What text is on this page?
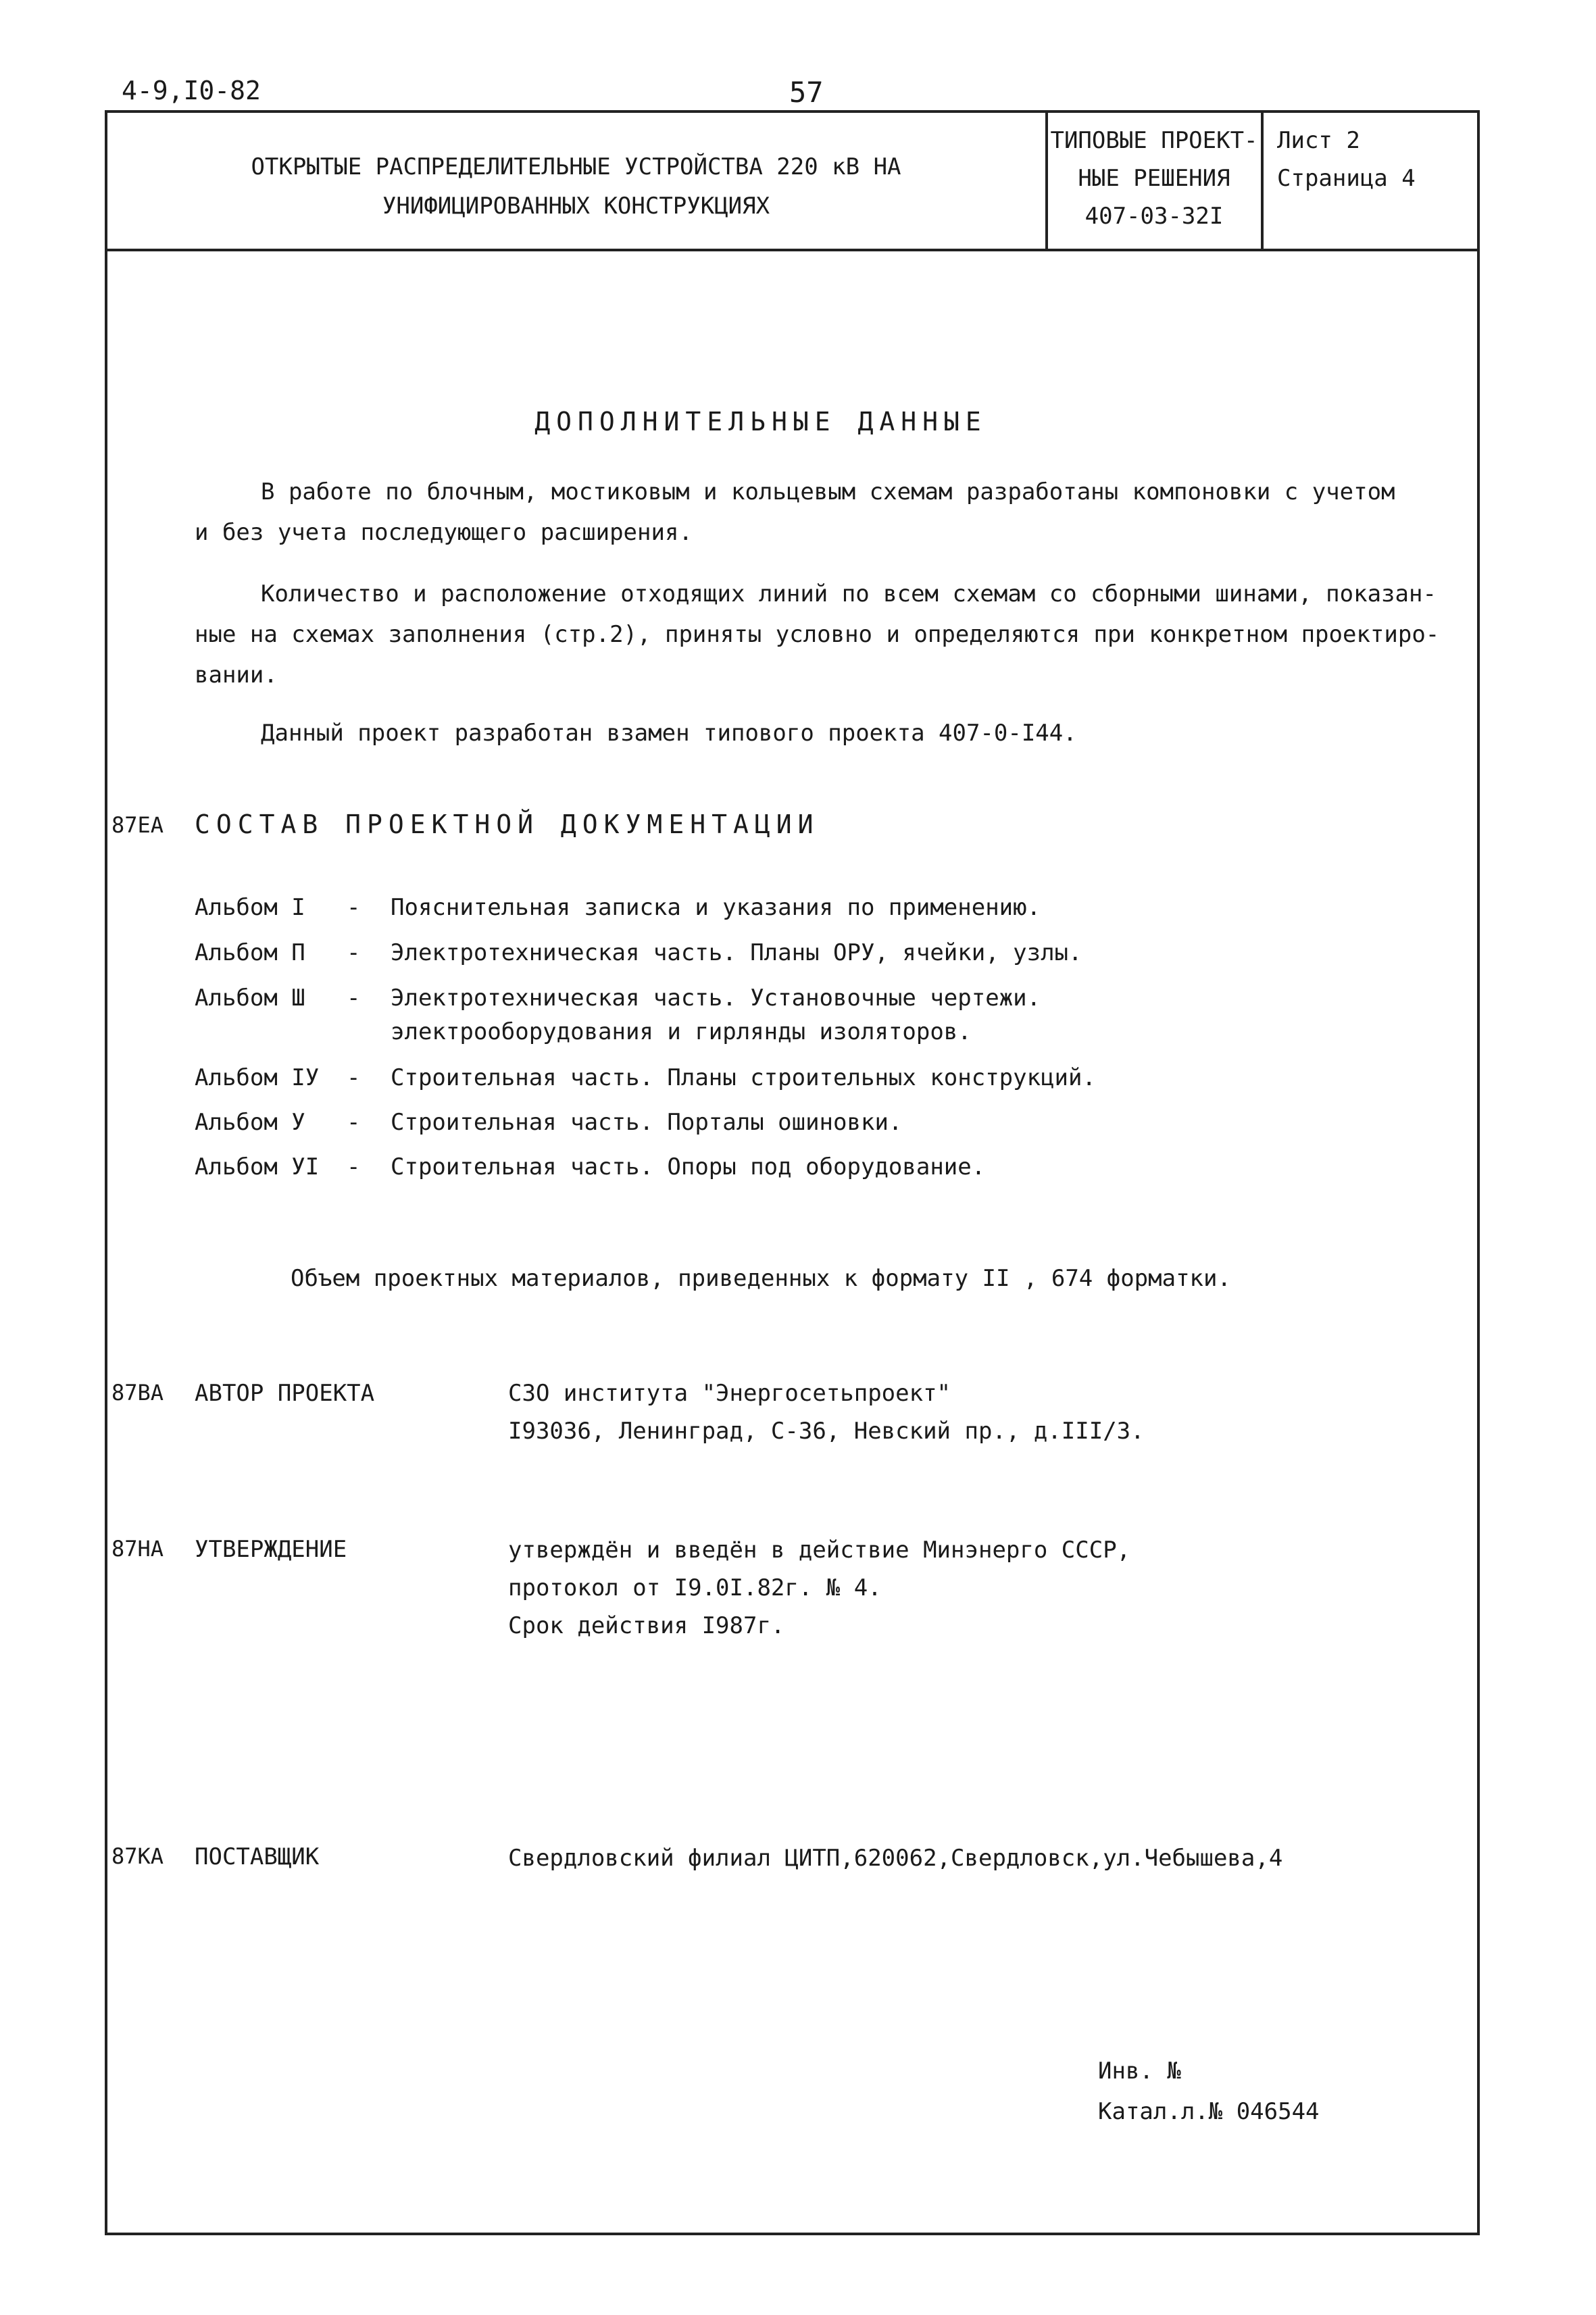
4-9,I0-82	57
ОТКРЫТЫЕ РАСПРЕДЕЛИТЕЛЬНЫЕ УСТРОЙСТВА 220 кВ НА
УНИФИЦИРОВАННЫХ КОНСТРУКЦИЯХ
ТИПОВЫЕ ПРОЕКТ-
НЫЕ РЕШЕНИЯ
407-03-32I
Лист 2
Страница 4
ДОПОЛНИТЕЛЬНЫЕ ДАННЫЕ
В работе по блочным, мостиковым и кольцевым схемам разработаны компоновки с учетом
и без учета последующего расширения.
Количество и расположение отходящих линий по всем схемам со сборными шинами, показан-
ные на схемах заполнения (стр.2), приняты условно и определяются при конкретном проектиро-
вании.
Данный проект разработан взамен типового проекта 407-0-I44.
87ЕА СОСТАВ ПРОЕКТНОЙ ДОКУМЕНТАЦИИ
Альбом I - Пояснительная записка и указания по применению.
Альбом П - Электротехническая часть. Планы ОРУ, ячейки, узлы.
Альбом Ш - Электротехническая часть. Установочные чертежи.
электрооборудования и гирлянды изоляторов.
Альбом IУ - Строительная часть. Планы строительных конструкций.
Альбом У - Строительная часть. Порталы ошиновки.
Альбом УI - Строительная часть. Опоры под оборудование.
Объем проектных материалов, приведенных к формату II , 674 форматки.
87ВА АВТОР ПРОЕКТА	СЗО института "Энергосетьпроект"
I93036, Ленинград, С-36, Невский пр., д.III/3.
87НА УТВЕРЖДЕНИЕ	утверждён и введён в действие Минэнерго СССР,
протокол от I9.0I.82г. № 4.
Срок действия I987г.
87КА ПОСТАВЩИК	Свердловский филиал ЦИТП,620062,Свердловск,ул.Чебышева,4
Инв. №
Катал.л.№ 046544
